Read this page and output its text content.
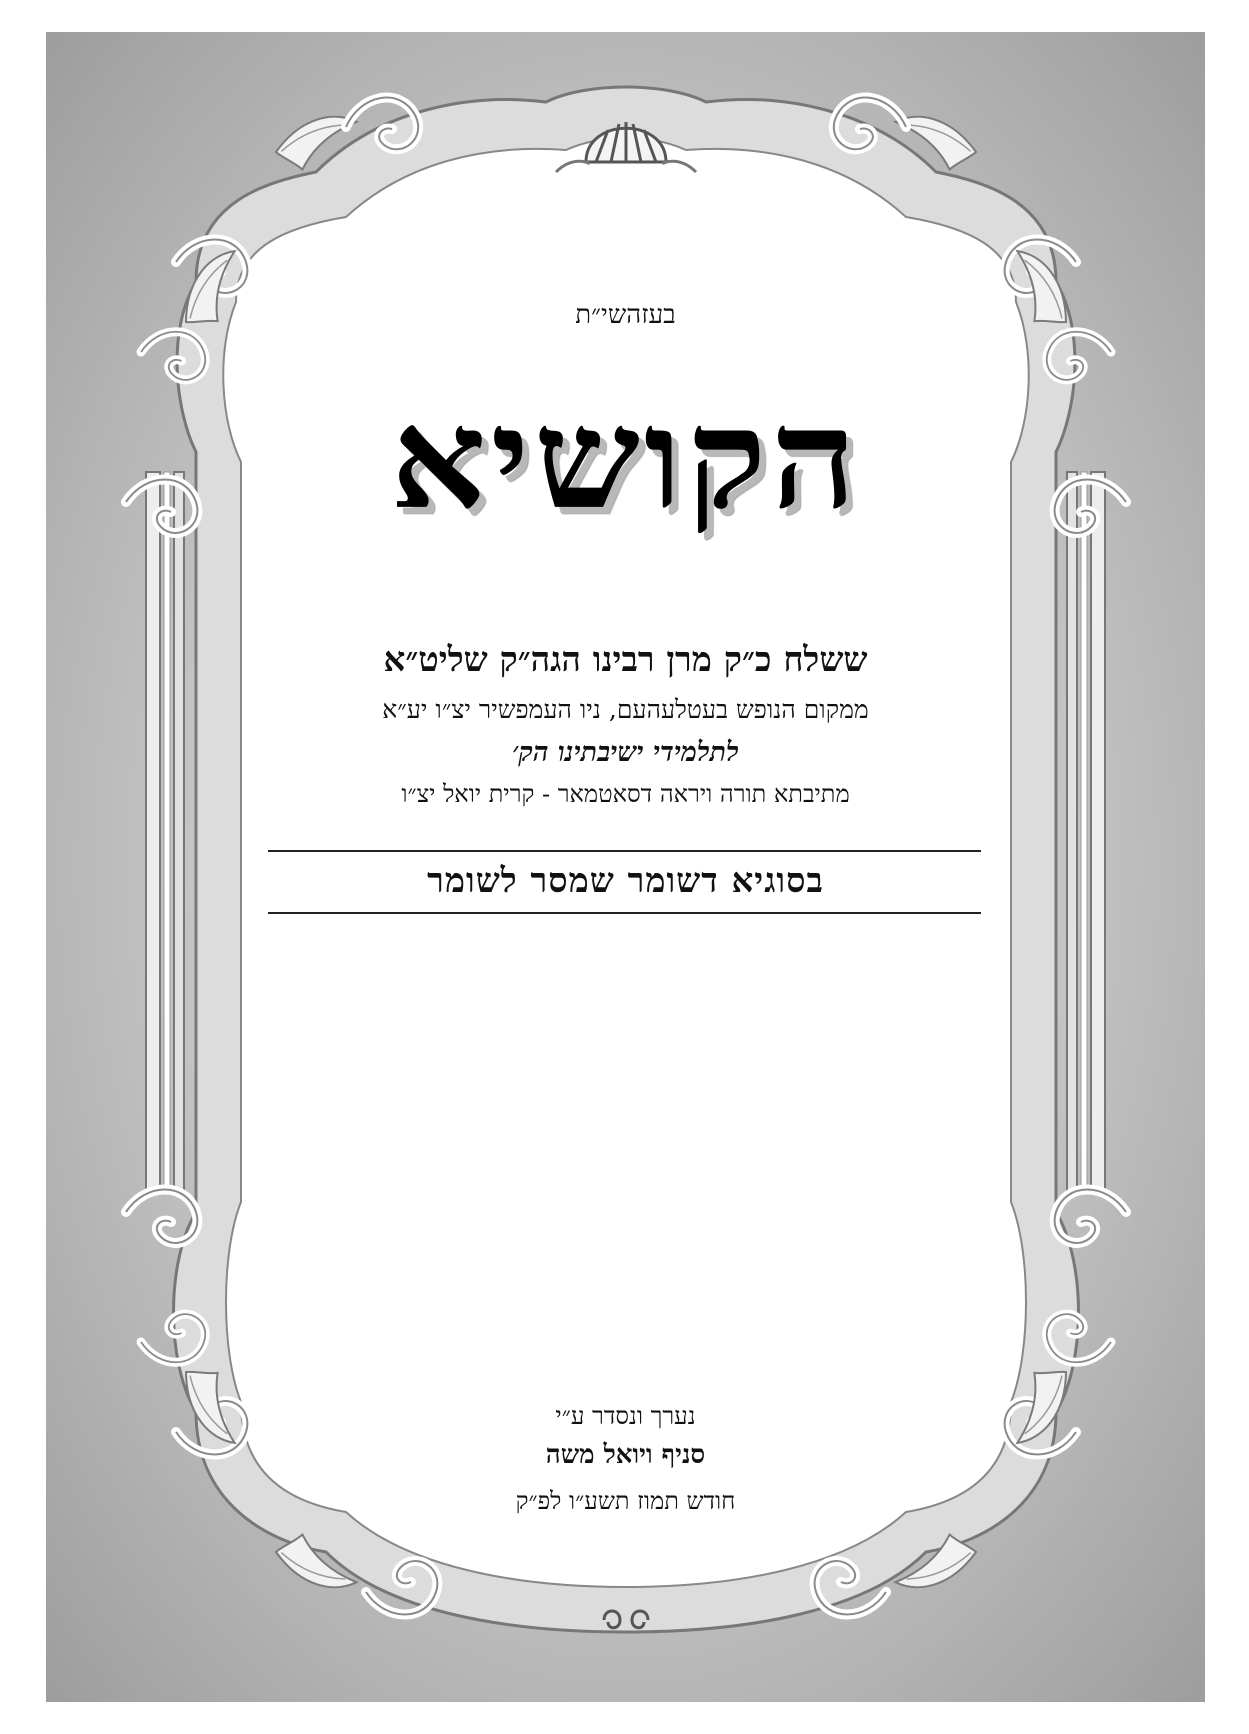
בעזהשי״ת
הקושיא
ששלח כ״ק מרן רבינו הגה״ק שליט״א
ממקום הנופש בעטלעהעם, ניו העמפשיר יצ״ו יע״א
לתלמידי ישיבתינו הק׳
מתיבתא תורה ויראה דסאטמאר - קרית יואל יצ״ו
בסוגיא דשומר שמסר לשומר
נערך ונסדר ע״י
סניף ויואל משה
חודש תמוז תשע״ו לפ״ק
